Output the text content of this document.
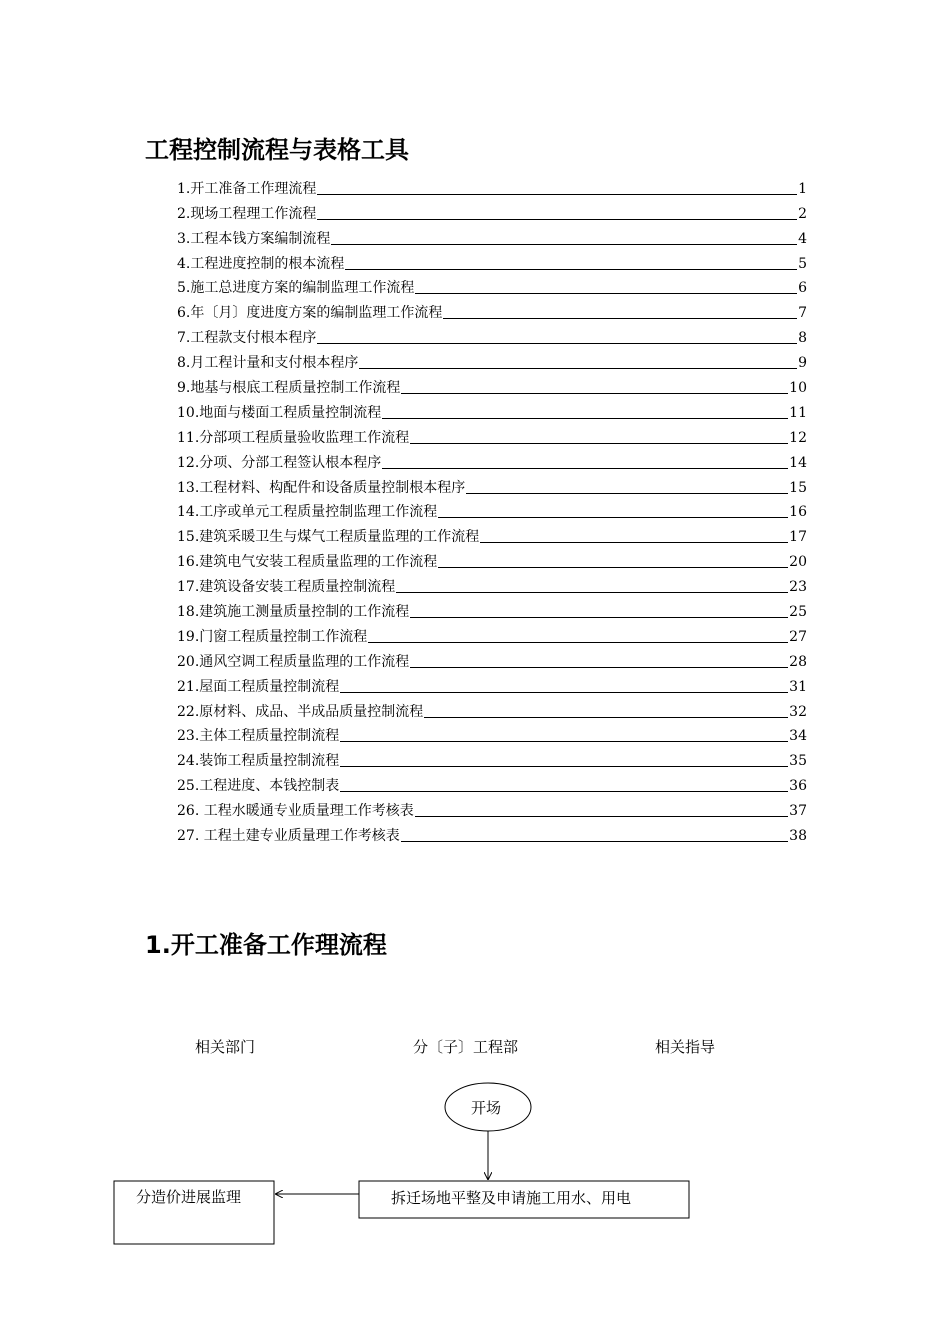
工程控制流程与表格工具
1.开工准备工作理流程	1
2.现场工程理工作流程	2
3.工程本钱方案编制流程	4
4.工程进度控制的根本流程	5
5.施工总进度方案的编制监理工作流程	6
6.年〔月〕度进度方案的编制监理工作流程	7
7.工程款支付根本程序	8
8.月工程计量和支付根本程序	9
9.地基与根底工程质量控制工作流程	10
10.地面与楼面工程质量控制流程	11
11.分部项工程质量验收监理工作流程	12
12.分项、分部工程签认根本程序	14
13.工程材料、构配件和设备质量控制根本程序	15
14.工序或单元工程质量控制监理工作流程	16
15.建筑采暖卫生与煤气工程质量监理的工作流程	17
16.建筑电气安装工程质量监理的工作流程	20
17.建筑设备安装工程质量控制流程	23
18.建筑施工测量质量控制的工作流程	25
19.门窗工程质量控制工作流程	27
20.通风空调工程质量监理的工作流程	28
21.屋面工程质量控制流程	31
22.原材料、成品、半成品质量控制流程	32
23.主体工程质量控制流程	34
24.装饰工程质量控制流程	35
25.工程进度、本钱控制表	36
26. 工程水暖通专业质量理工作考核表	37
27. 工程土建专业质量理工作考核表	38
1.开工准备工作理流程
相关部门	分〔子〕工程部	相关指导
开场
拆迁场地平整及申请施工用水、用电
分造价进展监理
